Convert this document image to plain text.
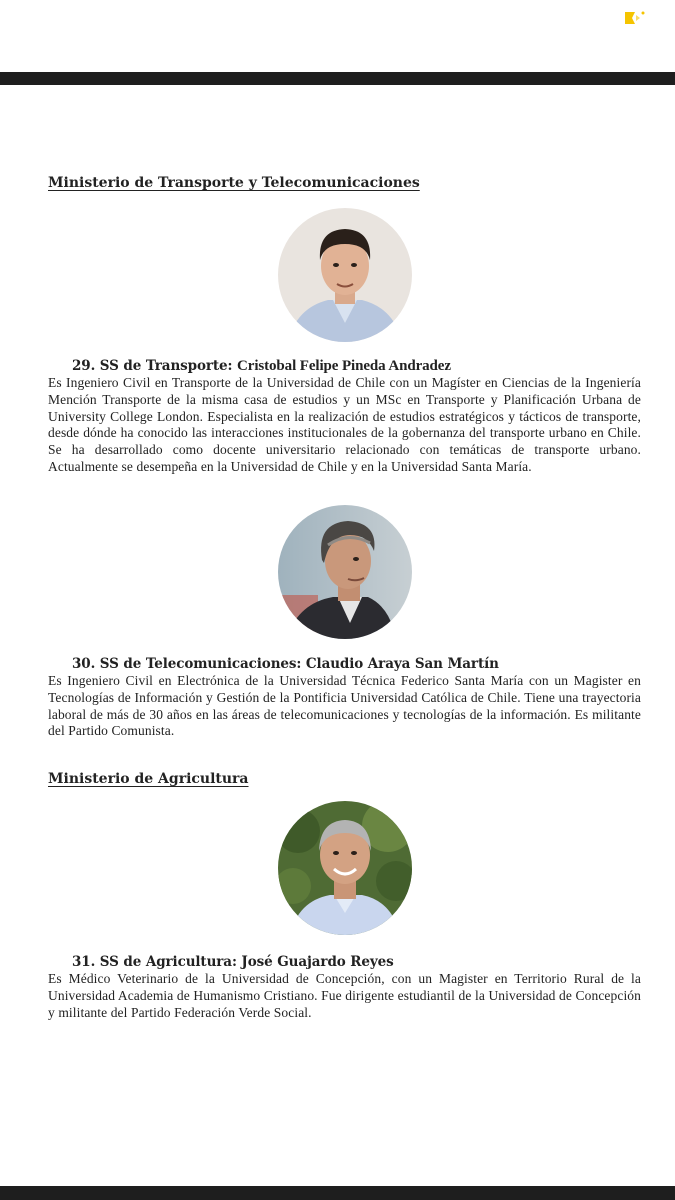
Ministerio de Transporte y Telecomunicaciones

29. SS de Transporte: Cristobal Felipe Pineda Andradez

Es Ingeniero Civil en Transporte de la Universidad de Chile con un Magíster en Ciencias de la Ingeniería Mención Transporte de la misma casa de estudios y un MSc en Transporte y Planificación Urbana de University College London. Especialista en la realización de estudios estratégicos y tácticos de transporte, desde dónde ha conocido las interacciones institucionales de la gobernanza del transporte urbano en Chile. Se ha desarrollado como docente universitario relacionado con temáticas de transporte urbano. Actualmente se desempeña en la Universidad de Chile y en la Universidad Santa María.

30. SS de Telecomunicaciones: Claudio Araya San Martín

Es Ingeniero Civil en Electrónica de la Universidad Técnica Federico Santa María con un Magister en Tecnologías de Información y Gestión de la Pontificia Universidad Católica de Chile. Tiene una trayectoria laboral de más de 30 años en las áreas de telecomunicaciones y tecnologías de la información. Es militante del Partido Comunista.

Ministerio de Agricultura

31. SS de Agricultura: José Guajardo Reyes

Es Médico Veterinario de la Universidad de Concepción, con un Magister en Territorio Rural de la Universidad Academia de Humanismo Cristiano. Fue dirigente estudiantil de la Universidad de Concepción y militante del Partido Federación Verde Social.
